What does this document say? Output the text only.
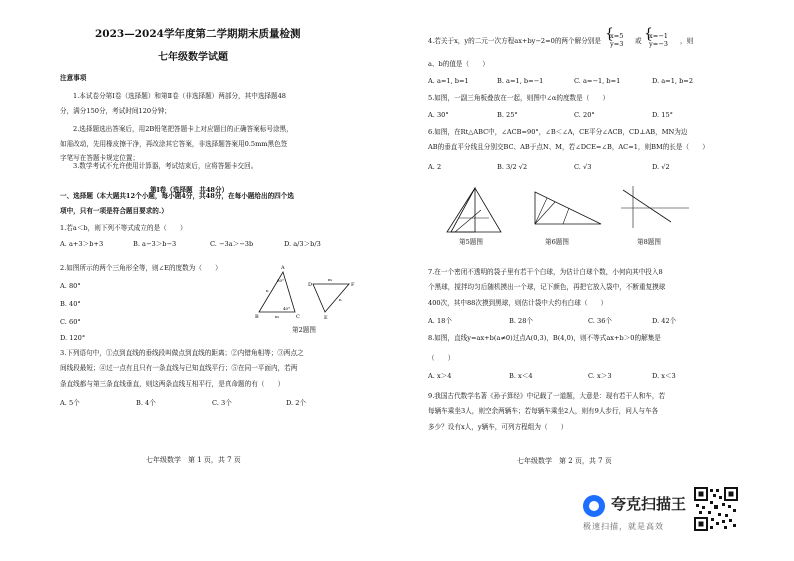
2023—2024学年度第二学期期末质量检测
七年级数学试题
注意事项
1.本试卷分第Ⅰ卷（选择题）和第Ⅱ卷（非选择题）两部分，其中选择题48
分，满分150分，考试时间120分钟；
2.选择题选出答案后，用2B铅笔把答题卡上对应题目的正确答案标号涂黑，
如需改动，先用橡皮擦干净，再改涂其它答案，非选择题答案用0.5mm黑色签
字笔写在答题卡规定位置；
3.数学考试不允许使用计算器，考试结束后，应将答题卡交回。
第Ⅰ卷（选择题　共48分）
一、选择题（本大题共12个小题，每小题4分，共48分，在每小题给出的四个选
项中，只有一项是符合题目要求的.）
1.若a＜b，则下列不等式成立的是（　　）
A. a+3＞b+3	B. a−3＞b−3	C. −3a＞−3b	D. a/3＞b/3
2.如图所示的两个三角形全等，则∠E的度数为（　　）
A. 80°
B. 40°
C. 60°
D. 120°
A
B	C
D
E
F
n
m
m
n
80°
40°
第2题图
3.下列语句中，①点到直线的垂线段叫做点到直线的距离；②内错角相等；③两点之
间线段最短；④过一点有且只有一条直线与已知直线平行；⑤在同一平面内，若两
条直线都与第三条直线垂直，则这两条直线互相平行，是真命题的有（　　）
A. 5个	B. 4个	C. 3个	D. 2个
七年级数学　第 1 页，共 7 页
4.若关于x，y的二元一次方程ax+by−2=0的两个解分别是 {
x=5
y=3 或 {
x=−1
y=−3 ，则
a、b的值是（　　）
A. a=1, b=1	B. a=1, b=−1	C. a=−1, b=1	D. a=1, b=2
5.如图，一副三角板叠放在一起，则图中∠α的度数是（　　）
A. 30°	B. 25°	C. 20°	D. 15°
6.如图，在Rt△ABC中，∠ACB=90°，∠B＜∠A，CE平分∠ACB，CD⊥AB，MN为边
AB的垂直平分线且分别交BC、AB于点N、M，若∠DCE=∠B，AC=1，则BM的长是（　　）
A. 2	B. 3/2 √2	C. √3	D. √2
第5题图	第6题图	第8题图
7.在一个密闭不透明的袋子里有若干个白球，为估计白球个数，小何向其中投入8
个黑球，搅拌均匀后随机摸出一个球，记下颜色，再把它放入袋中，不断重复摸球
400次，其中88次摸到黑球，则估计袋中大约有白球（　　）
A. 18个	B. 28个	C. 36个	D. 42个
8.如图，直线y=ax+b(a≠0)过点A(0,3)，B(4,0)，则不等式ax+b＞0的解集是
（　　）
A. x＞4	B. x＜4	C. x＞3	D. x＜3
9.我国古代数学名著《孙子算经》中记载了一道题，大意是：现有若干人和车，若
每辆车乘坐3人，则空余两辆车；若每辆车乘坐2人，则有9人步行，问人与车各
多少？设有x人，y辆车，可列方程组为（　　）
七年级数学　第 2 页，共 7 页
夸克扫描王
极速扫描，就是高效
